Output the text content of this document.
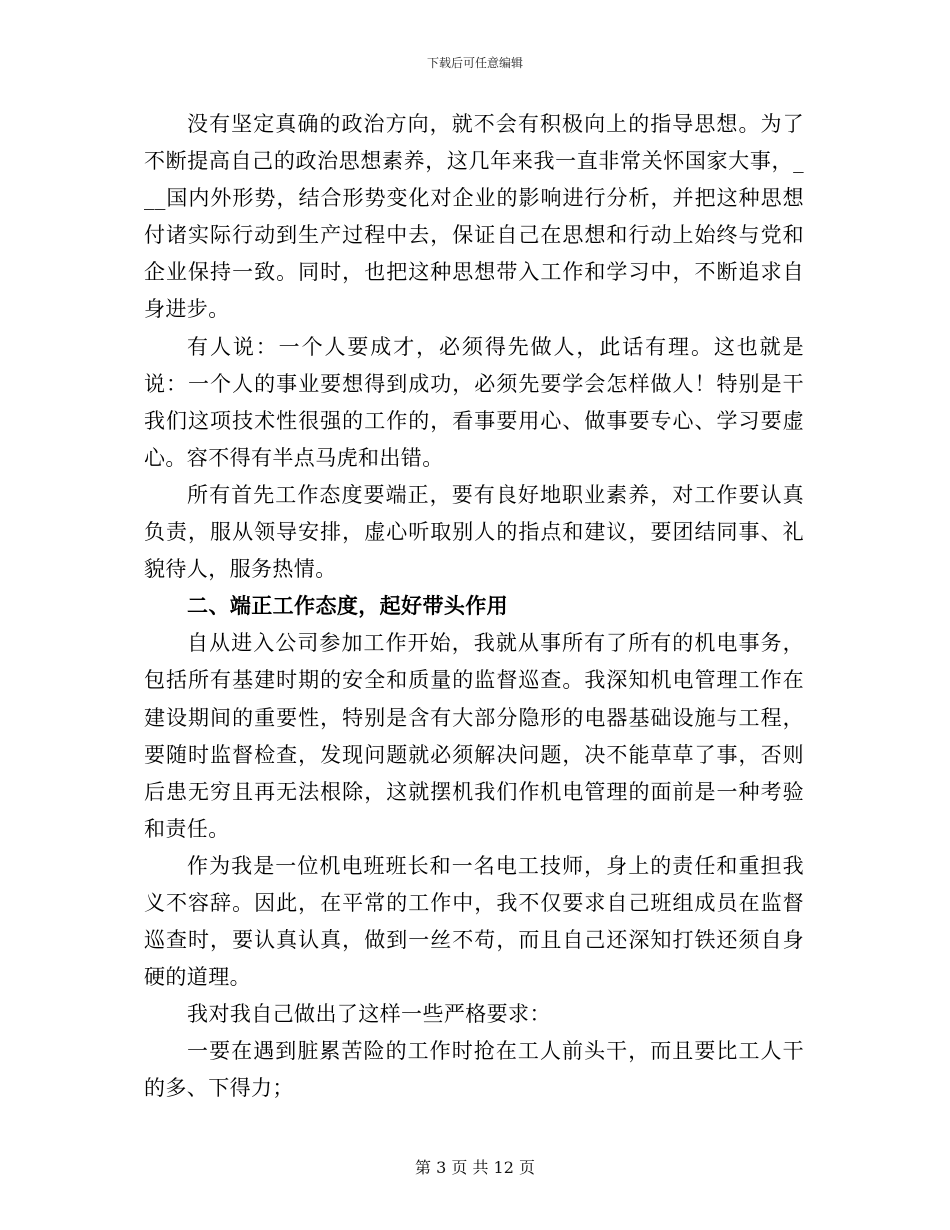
下载后可任意编辑

没有坚定真确的政治方向，就不会有积极向上的指导思想。为了不断提高自己的政治思想素养，这几年来我一直非常关怀国家大事，___国内外形势，结合形势变化对企业的影响进行分析，并把这种思想付诸实际行动到生产过程中去，保证自己在思想和行动上始终与党和企业保持一致。同时，也把这种思想带入工作和学习中，不断追求自身进步。

有人说：一个人要成才，必须得先做人，此话有理。这也就是说：一个人的事业要想得到成功，必须先要学会怎样做人！特别是干我们这项技术性很强的工作的，看事要用心、做事要专心、学习要虚心。容不得有半点马虎和出错。

所有首先工作态度要端正，要有良好地职业素养，对工作要认真负责，服从领导安排，虚心听取别人的指点和建议，要团结同事、礼貌待人，服务热情。

二、端正工作态度，起好带头作用

自从进入公司参加工作开始，我就从事所有了所有的机电事务，包括所有基建时期的安全和质量的监督巡查。我深知机电管理工作在建设期间的重要性，特别是含有大部分隐形的电器基础设施与工程，要随时监督检查，发现问题就必须解决问题，决不能草草了事，否则后患无穷且再无法根除，这就摆机我们作机电管理的面前是一种考验和责任。

作为我是一位机电班班长和一名电工技师，身上的责任和重担我义不容辞。因此，在平常的工作中，我不仅要求自己班组成员在监督巡查时，要认真认真，做到一丝不苟，而且自己还深知打铁还须自身硬的道理。

我对我自己做出了这样一些严格要求：

一要在遇到脏累苦险的工作时抢在工人前头干，而且要比工人干的多、下得力；

第 3 页 共 12 页
